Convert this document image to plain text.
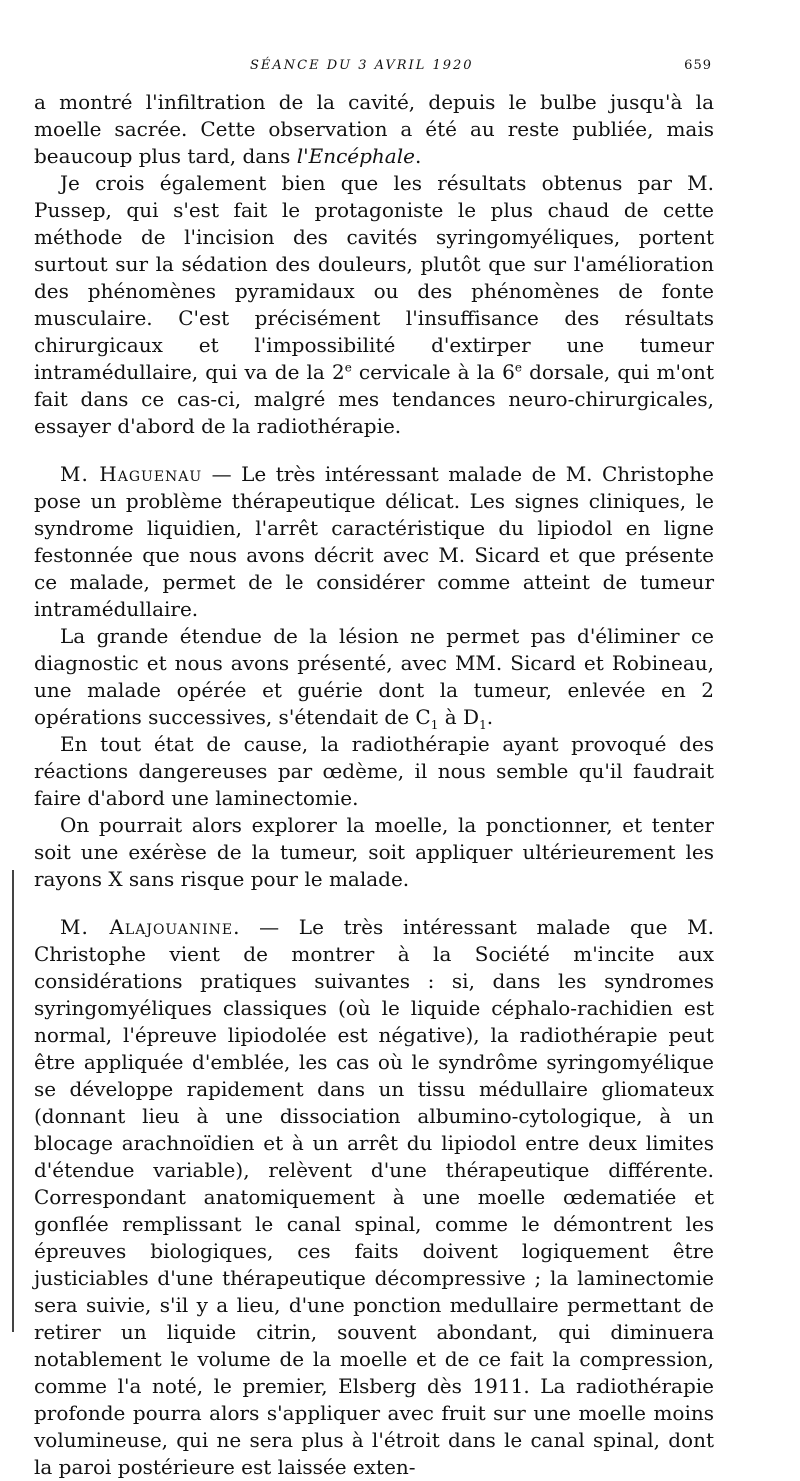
SÉANCE DU 3 AVRIL 1920	659

a montré l'infiltration de la cavité, depuis le bulbe jusqu'à la moelle sacrée. Cette observation a été au reste publiée, mais beaucoup plus tard, dans l'Encéphale.

Je crois également bien que les résultats obtenus par M. Pussep, qui s'est fait le protagoniste le plus chaud de cette méthode de l'incision des cavités syringomyéliques, portent surtout sur la sédation des douleurs, plutôt que sur l'amélioration des phénomènes pyramidaux ou des phénomènes de fonte musculaire. C'est précisément l'insuffisance des résultats chirurgicaux et l'impossibilité d'extirper une tumeur intramédullaire, qui va de la 2e cervicale à la 6e dorsale, qui m'ont fait dans ce cas-ci, malgré mes tendances neuro-chirurgicales, essayer d'abord de la radiothérapie.

M. Haguenau — Le très intéressant malade de M. Christophe pose un problème thérapeutique délicat. Les signes cliniques, le syndrome liquidien, l'arrêt caractéristique du lipiodol en ligne festonnée que nous avons décrit avec M. Sicard et que présente ce malade, permet de le considérer comme atteint de tumeur intramédullaire.

La grande étendue de la lésion ne permet pas d'éliminer ce diagnostic et nous avons présenté, avec MM. Sicard et Robineau, une malade opérée et guérie dont la tumeur, enlevée en 2 opérations successives, s'étendait de $C_1$ à $D_1$.

En tout état de cause, la radiothérapie ayant provoqué des réactions dangereuses par œdème, il nous semble qu'il faudrait faire d'abord une laminectomie.

On pourrait alors explorer la moelle, la ponctionner, et tenter soit une exérèse de la tumeur, soit appliquer ultérieurement les rayons X sans risque pour le malade.

M. Alajouanine. — Le très intéressant malade que M. Christophe vient de montrer à la Société m'incite aux considérations pratiques suivantes : si, dans les syndromes syringomyéliques classiques (où le liquide céphalo-rachidien est normal, l'épreuve lipiodolée est négative), la radiothérapie peut être appliquée d'emblée, les cas où le syndrôme syringomyélique se développe rapidement dans un tissu médullaire gliomateux (donnant lieu à une dissociation albumino-cytologique, à un blocage arachnoïdien et à un arrêt du lipiodol entre deux limites d'étendue variable), relèvent d'une thérapeutique différente. Correspondant anatomiquement à une moelle œdematiée et gonflée remplissant le canal spinal, comme le démontrent les épreuves biologiques, ces faits doivent logiquement être justiciables d'une thérapeutique décompressive ; la laminectomie sera suivie, s'il y a lieu, d'une ponction medullaire permettant de retirer un liquide citrin, souvent abondant, qui diminuera notablement le volume de la moelle et de ce fait la compression, comme l'a noté, le premier, Elsberg dès 1911. La radiothérapie profonde pourra alors s'appliquer avec fruit sur une moelle moins volumineuse, qui ne sera plus à l'étroit dans le canal spinal, dont la paroi postérieure est laissée exten-
